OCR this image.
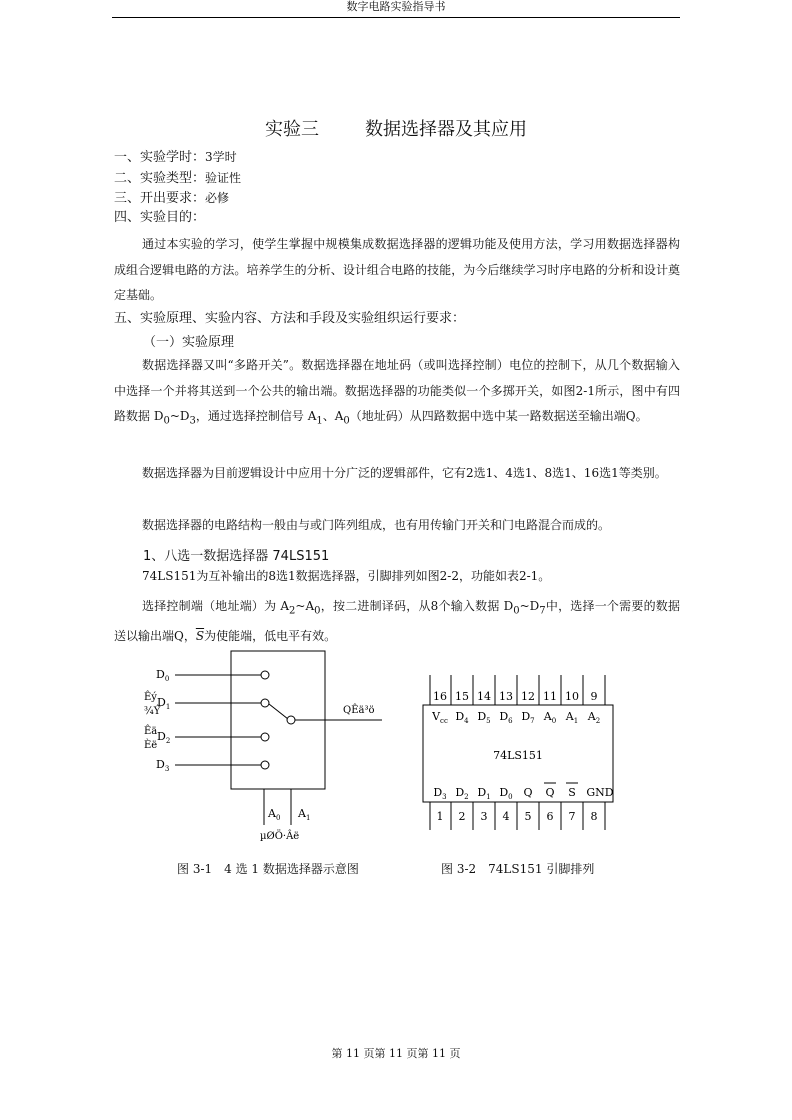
数字电路实验指导书
实验三	数据选择器及其应用
一、实验学时：3学时
二、实验类型：验证性
三、开出要求：必修
四、实验目的：

通过本实验的学习，使学生掌握中规模集成数据选择器的逻辑功能及使用方法，学习用数据选择器构成组合逻辑电路的方法。培养学生的分析、设计组合电路的技能，为今后继续学习时序电路的分析和设计奠定基础。

五、实验原理、实验内容、方法和手段及实验组织运行要求：
（一）实验原理

数据选择器又叫“多路开关”。数据选择器在地址码（或叫选择控制）电位的控制下，从几个数据输入中选择一个并将其送到一个公共的输出端。数据选择器的功能类似一个多掷开关，如图2-1所示，图中有四路数据 $D_0\sim D_3$，通过选择控制信号 $A_1$、$A_0$（地址码）从四路数据中选中某一路数据送至输出端Q。

数据选择器为目前逻辑设计中应用十分广泛的逻辑部件，它有2选1、4选1、8选1、16选1等类别。

数据选择器的电路结构一般由与或门阵列组成，也有用传输门开关和门电路混合而成的。

1、八选一数据选择器 74LS151

74LS151为互补输出的8选1数据选择器，引脚排列如图2-2，功能如表2-1。

选择控制端（地址端）为 $A_2\sim A_0$，按二进制译码，从8个输入数据 $D_0\sim D_7$中，选择一个需要的数据送以输出端Q，$\overline{S}$为使能端，低电平有效。

$D_0$
Êý
¾Ý
$D_1$
Êä
Èë
$D_2$
$D_3$
QÊä³ö
$A_0$ $A_1$
µØÖ·Âë
16 15 14 13 12 11 10 9
1 2 3 4 5 6 7 8
$V_{cc}$ $D_4$ $D_5$ $D_6$ $D_7$ $A_0$ $A_1$ $A_2$
$D_3$ $D_2$ $D_1$ $D_0$ Q Q S GND
74LS151
图 3-1　4 选 1 数据选择器示意图	图 3-2　74LS151 引脚排列
第 11 页第 11 页第 11 页
